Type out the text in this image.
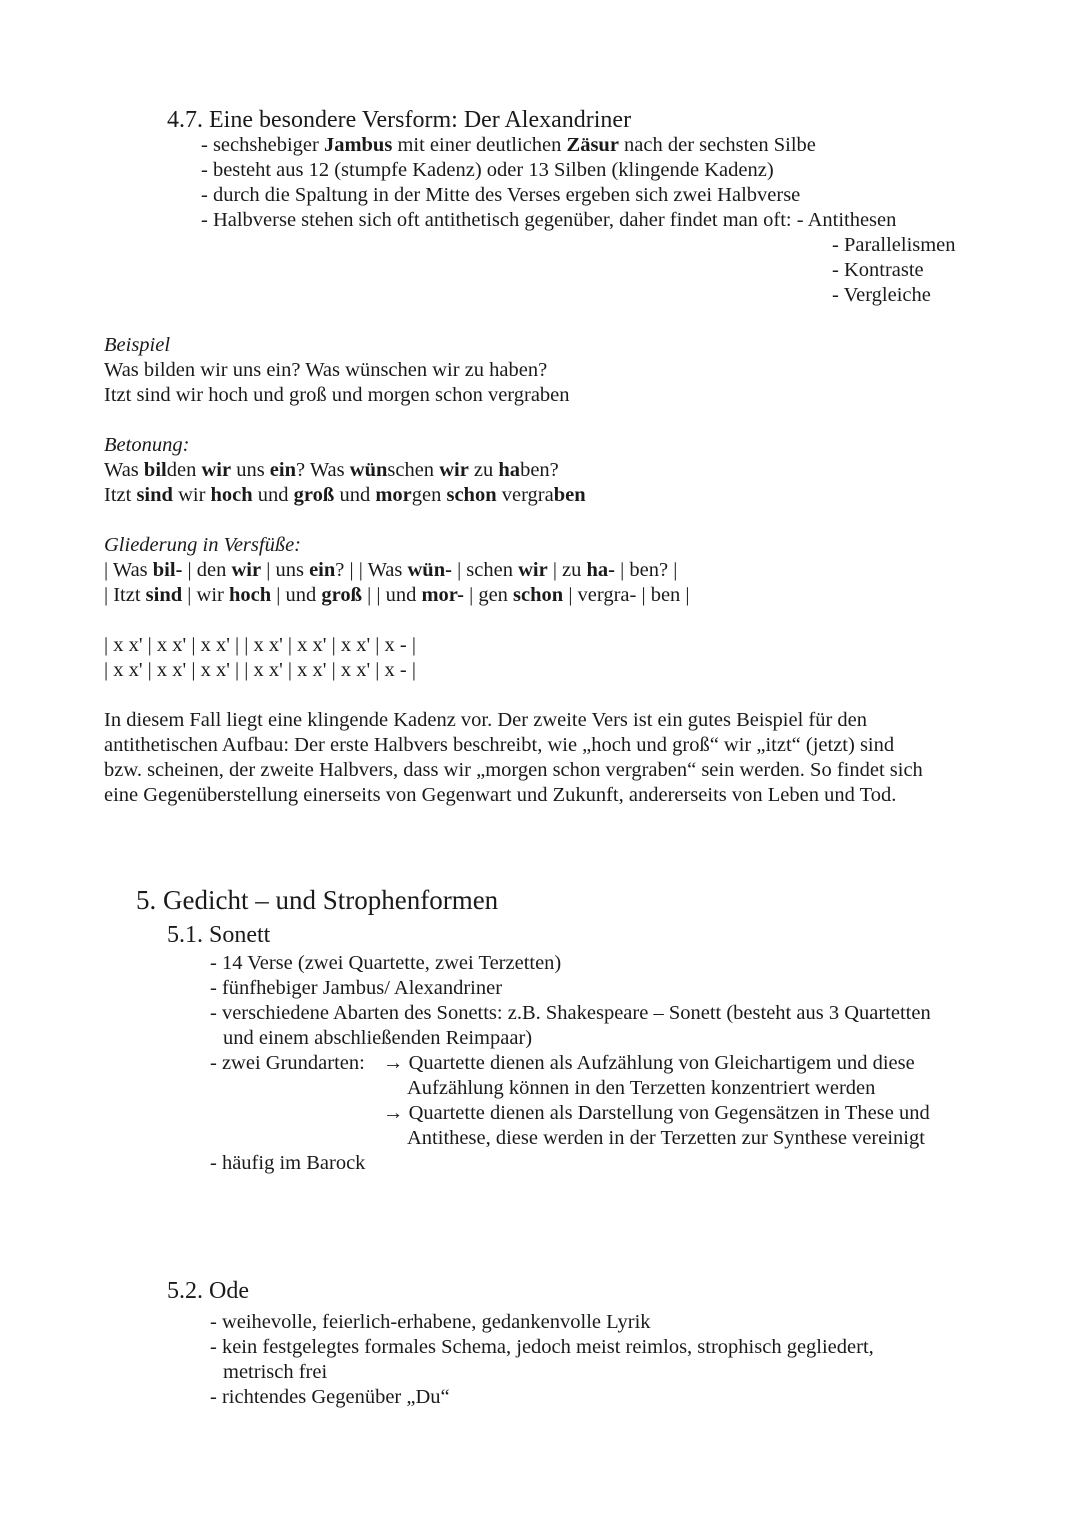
4.7. Eine besondere Versform: Der Alexandriner
- sechshebiger Jambus mit einer deutlichen Zäsur nach der sechsten Silbe
- besteht aus 12 (stumpfe Kadenz) oder 13 Silben (klingende Kadenz)
- durch die Spaltung in der Mitte des Verses ergeben sich zwei Halbverse
- Halbverse stehen sich oft antithetisch gegenüber, daher findet man oft: - Antithesen
- Parallelismen
- Kontraste
- Vergleiche
Beispiel
Was bilden wir uns ein? Was wünschen wir zu haben?
Itzt sind wir hoch und groß und morgen schon vergraben
Betonung:
Was bilden wir uns ein? Was wünschen wir zu haben?
Itzt sind wir hoch und groß und morgen schon vergraben
Gliederung in Versfüße:
| Was bil- | den wir | uns ein? | | Was wün- | schen wir | zu ha- | ben? |
| Itzt sind | wir hoch | und groß | | und mor- | gen schon | vergra- | ben |
| x x' | x x' | x x' | | x x' | x x' | x x' | x - |
| x x' | x x' | x x' | | x x' | x x' | x x' | x - |
In diesem Fall liegt eine klingende Kadenz vor. Der zweite Vers ist ein gutes Beispiel für den
antithetischen Aufbau: Der erste Halbvers beschreibt, wie „hoch und groß“ wir „itzt“ (jetzt) sind
bzw. scheinen, der zweite Halbvers, dass wir „morgen schon vergraben“ sein werden. So findet sich
eine Gegenüberstellung einerseits von Gegenwart und Zukunft, andererseits von Leben und Tod.
5. Gedicht – und Strophenformen
5.1. Sonett
- 14 Verse (zwei Quartette, zwei Terzetten)
- fünfhebiger Jambus/ Alexandriner
- verschiedene Abarten des Sonetts: z.B. Shakespeare – Sonett (besteht aus 3 Quartetten
und einem abschließenden Reimpaar)
- zwei Grundarten: → Quartette dienen als Aufzählung von Gleichartigem und diese
Aufzählung können in den Terzetten konzentriert werden
→ Quartette dienen als Darstellung von Gegensätzen in These und
Antithese, diese werden in der Terzetten zur Synthese vereinigt
- häufig im Barock
5.2. Ode
- weihevolle, feierlich-erhabene, gedankenvolle Lyrik
- kein festgelegtes formales Schema, jedoch meist reimlos, strophisch gegliedert,
metrisch frei
- richtendes Gegenüber „Du“
